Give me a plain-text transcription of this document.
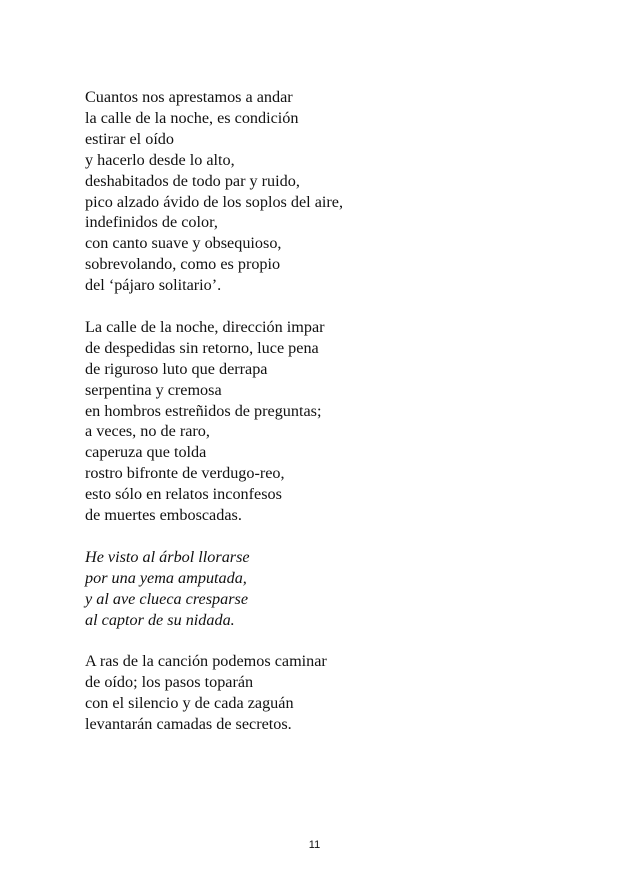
Cuantos nos aprestamos a andar
la calle de la noche, es condición
estirar el oído
y hacerlo desde lo alto,
deshabitados de todo par y ruido,
pico alzado ávido de los soplos del aire,
indefinidos de color,
con canto suave y obsequioso,
sobrevolando, como es propio
del ‘pájaro solitario’.
La calle de la noche, dirección impar
de despedidas sin retorno, luce pena
de riguroso luto que derrapa
serpentina y cremosa
en hombros estreñidos de preguntas;
a veces, no de raro,
caperuza que tolda
rostro bifronte de verdugo-reo,
esto sólo en relatos inconfesos
de muertes emboscadas.
He visto al árbol llorarse
por una yema amputada,
y al ave clueca cresparse
al captor de su nidada.
A ras de la canción podemos caminar
de oído; los pasos toparán
con el silencio y de cada zaguán
levantarán camadas de secretos.
11
